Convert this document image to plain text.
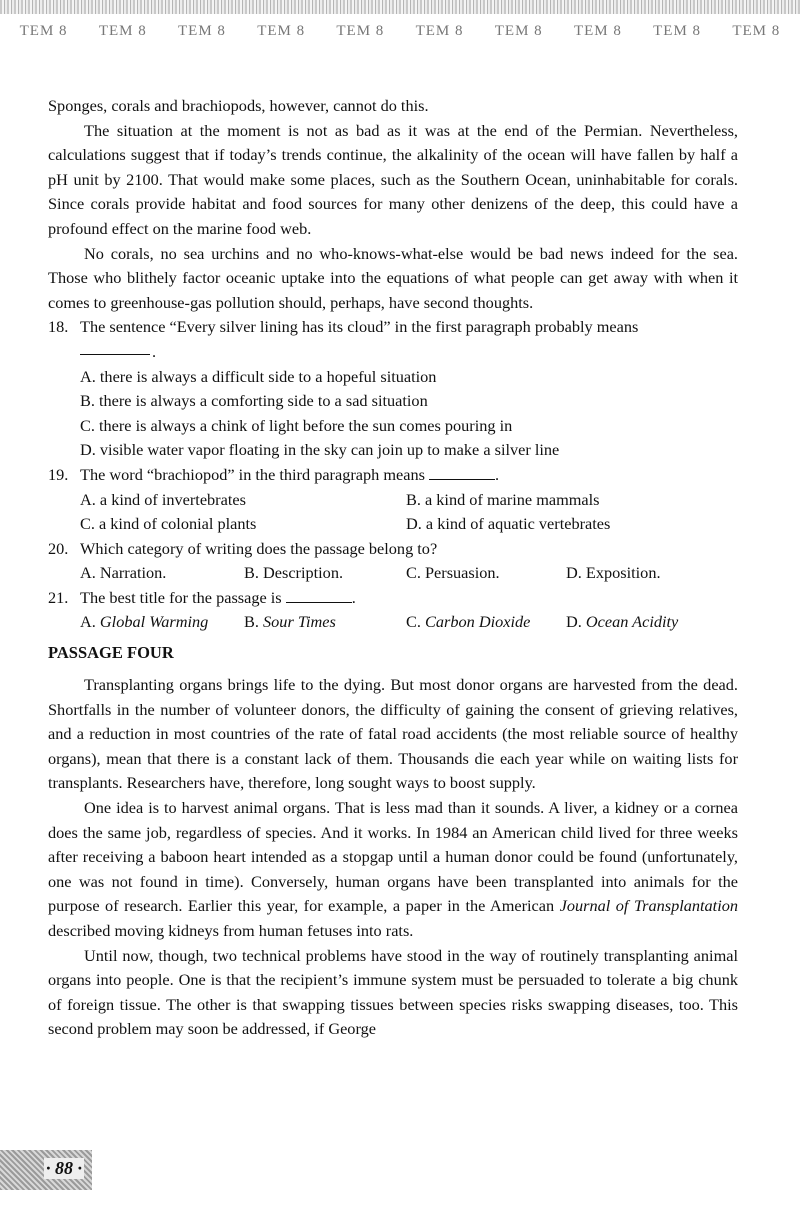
TEM 8 TEM 8 TEM 8 TEM 8 TEM 8 TEM 8 TEM 8 TEM 8 TEM 8 TEM 8

Sponges, corals and brachiopods, however, cannot do this.

The situation at the moment is not as bad as it was at the end of the Permian. Nevertheless, calculations suggest that if today’s trends continue, the alkalinity of the ocean will have fallen by half a pH unit by 2100. That would make some places, such as the Southern Ocean, uninhabitable for corals. Since corals provide habitat and food sources for many other denizens of the deep, this could have a profound effect on the marine food web.

No corals, no sea urchins and no who-knows-what-else would be bad news indeed for the sea. Those who blithely factor oceanic uptake into the equations of what people can get away with when it comes to greenhouse-gas pollution should, perhaps, have second thoughts.

18. The sentence “Every silver lining has its cloud” in the first paragraph probably means
.
A. there is always a difficult side to a hopeful situation
B. there is always a comforting side to a sad situation
C. there is always a chink of light before the sun comes pouring in
D. visible water vapor floating in the sky can join up to make a silver line
19. The word “brachiopod” in the third paragraph means	.
A. a kind of invertebrates	B. a kind of marine mammals
C. a kind of colonial plants	D. a kind of aquatic vertebrates
20. Which category of writing does the passage belong to?
A. Narration.	B. Description.	C. Persuasion.	D. Exposition.
21. The best title for the passage is	.
A. Global Warming	B. Sour Times	C. Carbon Dioxide	D. Ocean Acidity
PASSAGE FOUR

Transplanting organs brings life to the dying. But most donor organs are harvested from the dead. Shortfalls in the number of volunteer donors, the difficulty of gaining the consent of grieving relatives, and a reduction in most countries of the rate of fatal road accidents (the most reliable source of healthy organs), mean that there is a constant lack of them. Thousands die each year while on waiting lists for transplants. Researchers have, therefore, long sought ways to boost supply.

One idea is to harvest animal organs. That is less mad than it sounds. A liver, a kidney or a cornea does the same job, regardless of species. And it works. In 1984 an American child lived for three weeks after receiving a baboon heart intended as a stopgap until a human donor could be found (unfortunately, one was not found in time). Conversely, human organs have been transplanted into animals for the purpose of research. Earlier this year, for example, a paper in the American Journal of Transplantation described moving kidneys from human fetuses into rats.

Until now, though, two technical problems have stood in the way of routinely transplanting animal organs into people. One is that the recipient’s immune system must be persuaded to tolerate a big chunk of foreign tissue. The other is that swapping tissues between species risks swapping diseases, too. This second problem may soon be addressed, if George

· 88 ·
